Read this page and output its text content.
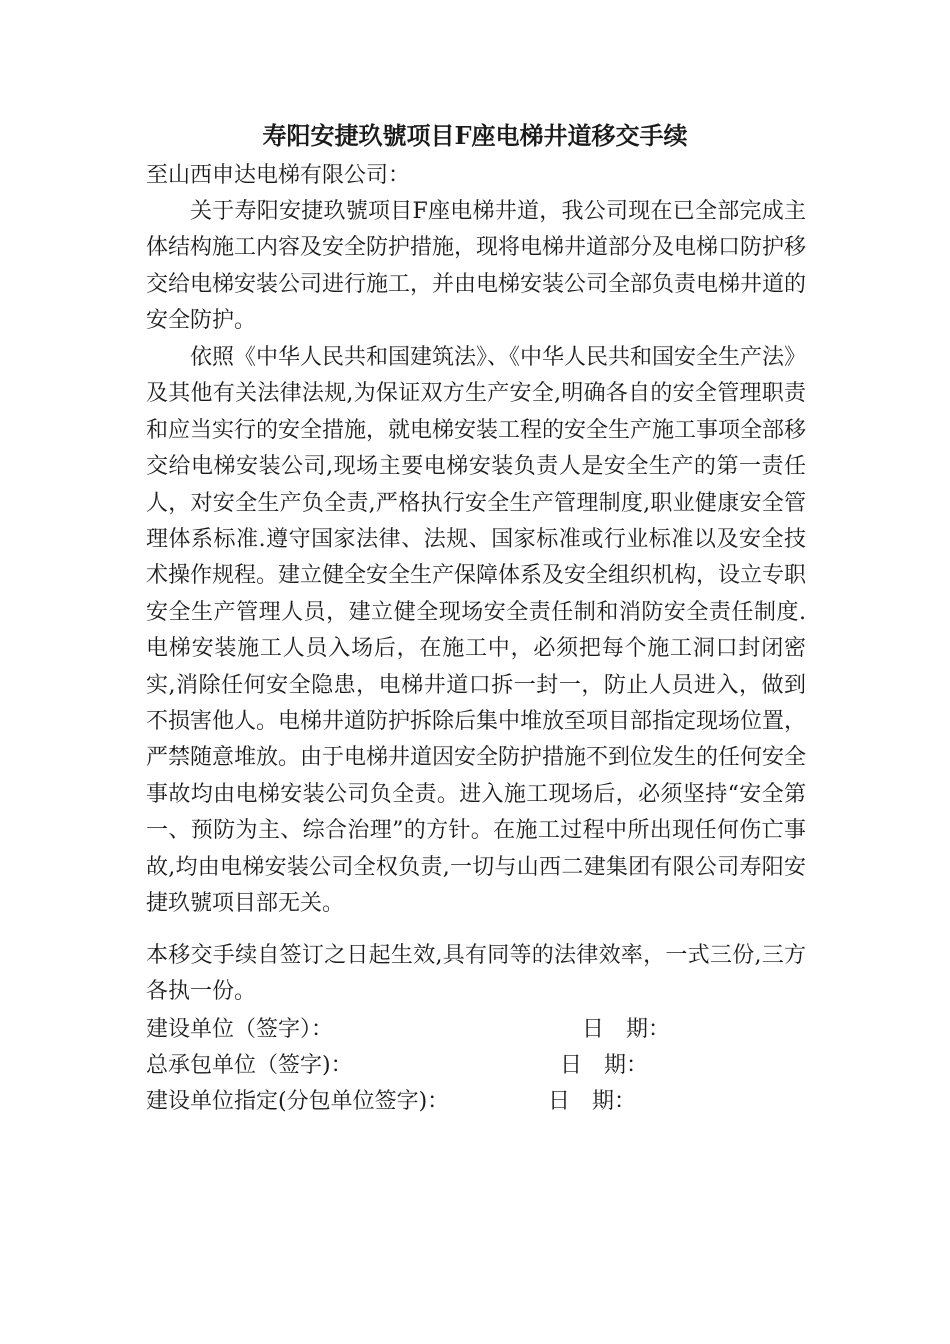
寿阳安捷玖號项目F座电梯井道移交手续

至山西申达电梯有限公司：

关于寿阳安捷玖號项目F座电梯井道，我公司现在已全部完成主体结构施工内容及安全防护措施，现将电梯井道部分及电梯口防护移交给电梯安装公司进行施工，并由电梯安装公司全部负责电梯井道的安全防护。

依照《中华人民共和国建筑法》、《中华人民共和国安全生产法》及其他有关法律法规,为保证双方生产安全,明确各自的安全管理职责和应当实行的安全措施，就电梯安装工程的安全生产施工事项全部移交给电梯安装公司,现场主要电梯安装负责人是安全生产的第一责任人，对安全生产负全责,严格执行安全生产管理制度,职业健康安全管理体系标准.遵守国家法律、法规、国家标准或行业标准以及安全技术操作规程。建立健全安全生产保障体系及安全组织机构，设立专职安全生产管理人员，建立健全现场安全责任制和消防安全责任制度.电梯安装施工人员入场后，在施工中，必须把每个施工洞口封闭密实,消除任何安全隐患，电梯井道口拆一封一，防止人员进入，做到不损害他人。电梯井道防护拆除后集中堆放至项目部指定现场位置，严禁随意堆放。由于电梯井道因安全防护措施不到位发生的任何安全事故均由电梯安装公司负全责。进入施工现场后，必须坚持“安全第一、预防为主、综合治理”的方针。在施工过程中所出现任何伤亡事故,均由电梯安装公司全权负责,一切与山西二建集团有限公司寿阳安捷玖號项目部无关。

本移交手续自签订之日起生效,具有同等的法律效率，一式三份,三方各执一份。

建设单位（签字）：	日　期：
总承包单位（签字)：	日　期：
建设单位指定(分包单位签字)：	日　期：
